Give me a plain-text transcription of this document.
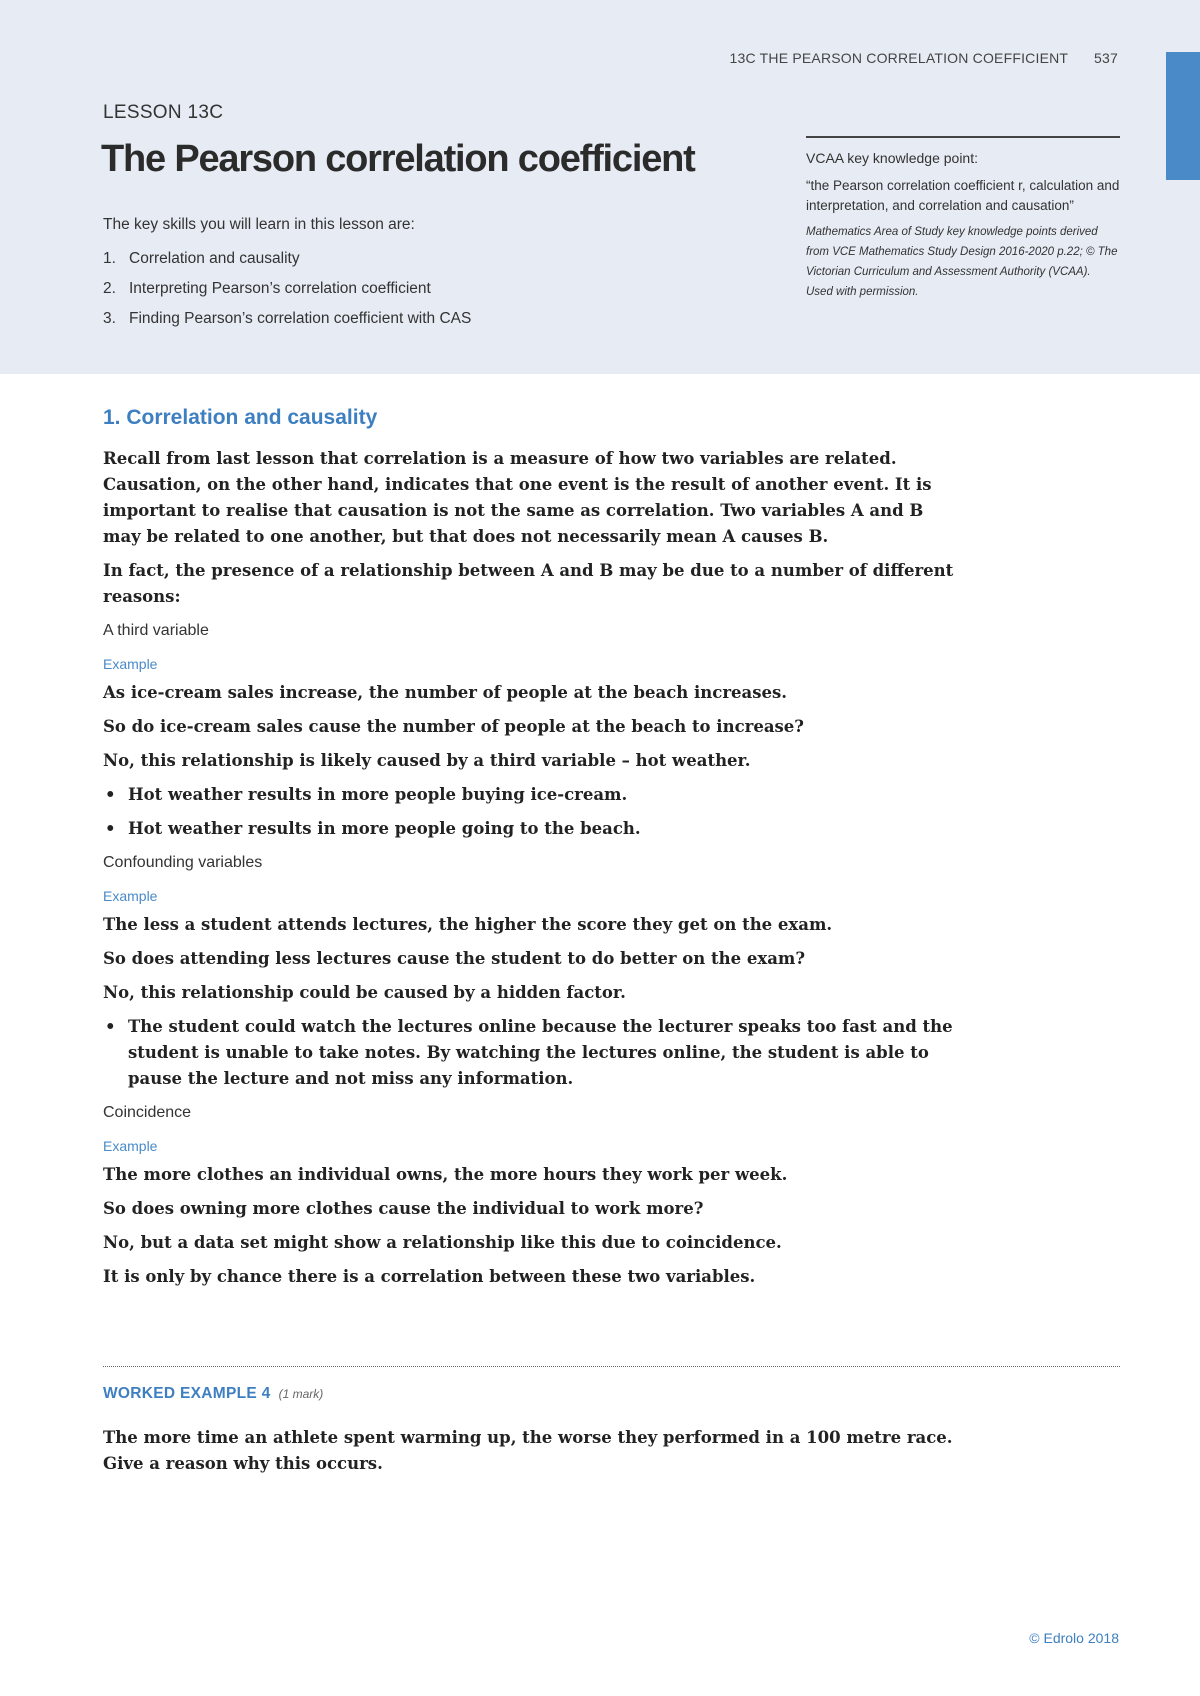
13C THE PEARSON CORRELATION COEFFICIENT 537
LESSON 13C
The Pearson correlation coefficient
The key skills you will learn in this lesson are:
1. Correlation and causality
2. Interpreting Pearson’s correlation coefficient
3. Finding Pearson’s correlation coefficient with CAS
VCAA key knowledge point:
“the Pearson correlation coefficient r, calculation and interpretation, and correlation and causation”
Mathematics Area of Study key knowledge points derived from VCE Mathematics Study Design 2016-2020 p.22; © The Victorian Curriculum and Assessment Authority (VCAA). Used with permission.
1. Correlation and causality

Recall from last lesson that correlation is a measure of how two variables are related. Causation, on the other hand, indicates that one event is the result of another event. It is important to realise that causation is not the same as correlation. Two variables A and B may be related to one another, but that does not necessarily mean A causes B.

In fact, the presence of a relationship between A and B may be due to a number of different reasons:

A third variable
Example

As ice-cream sales increase, the number of people at the beach increases.

So do ice-cream sales cause the number of people at the beach to increase?

No, this relationship is likely caused by a third variable – hot weather.

• Hot weather results in more people buying ice-cream.
• Hot weather results in more people going to the beach.
Confounding variables
Example

The less a student attends lectures, the higher the score they get on the exam.

So does attending less lectures cause the student to do better on the exam?

No, this relationship could be caused by a hidden factor.

• The student could watch the lectures online because the lecturer speaks too fast and the student is unable to take notes. By watching the lectures online, the student is able to pause the lecture and not miss any information.
Coincidence
Example

The more clothes an individual owns, the more hours they work per week.

So does owning more clothes cause the individual to work more?

No, but a data set might show a relationship like this due to coincidence.

It is only by chance there is a correlation between these two variables.

WORKED EXAMPLE 4 (1 mark)

The more time an athlete spent warming up, the worse they performed in a 100 metre race.

Give a reason why this occurs.

© Edrolo 2018
